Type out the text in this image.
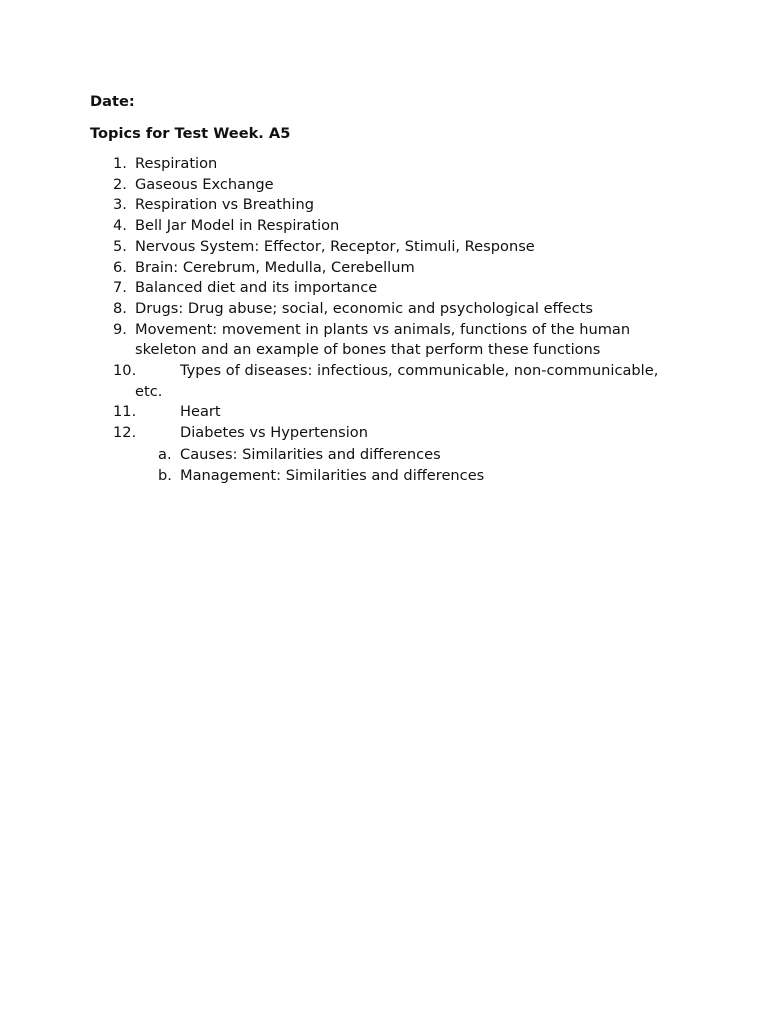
Date:
Topics for Test Week. A5
1. Respiration
2. Gaseous Exchange
3. Respiration vs Breathing
4. Bell Jar Model in Respiration
5. Nervous System: Effector, Receptor, Stimuli, Response
6. Brain: Cerebrum, Medulla, Cerebellum
7. Balanced diet and its importance
8. Drugs: Drug abuse; social, economic and psychological effects
9. Movement: movement in plants vs animals, functions of the human skeleton and an example of bones that perform these functions
10.	Types of diseases: infectious, communicable, non-communicable, etc.
11.	Heart
12.	Diabetes vs Hypertension
a. Causes: Similarities and differences
b. Management: Similarities and differences
